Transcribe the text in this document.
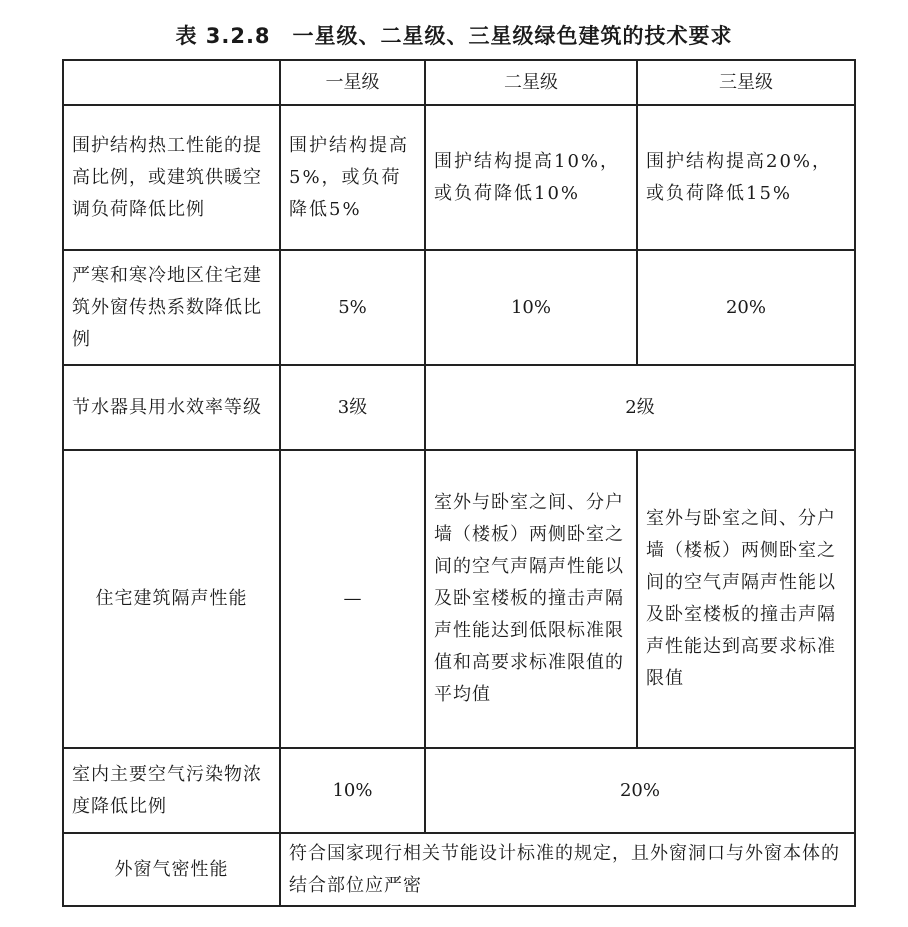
表 3.2.8 一星级、二星级、三星级绿色建筑的技术要求
	一星级	二星级	三星级
围护结构热工性能的提高比例，或建筑供暖空调负荷降低比例	围护结构提高5%，或负荷降低5%	围护结构提高10%，或负荷降低10%	围护结构提高20%，或负荷降低15%
严寒和寒冷地区住宅建筑外窗传热系数降低比例	5%	10%	20%
节水器具用水效率等级	3级	2级	
住宅建筑隔声性能	—	室外与卧室之间、分户墙（楼板）两侧卧室之间的空气声隔声性能以及卧室楼板的撞击声隔声性能达到低限标准限值和高要求标准限值的平均值	室外与卧室之间、分户墙（楼板）两侧卧室之间的空气声隔声性能以及卧室楼板的撞击声隔声性能达到高要求标准限值
室内主要空气污染物浓度降低比例	10%	20%	
外窗气密性能	符合国家现行相关节能设计标准的规定，且外窗洞口与外窗本体的结合部位应严密		
